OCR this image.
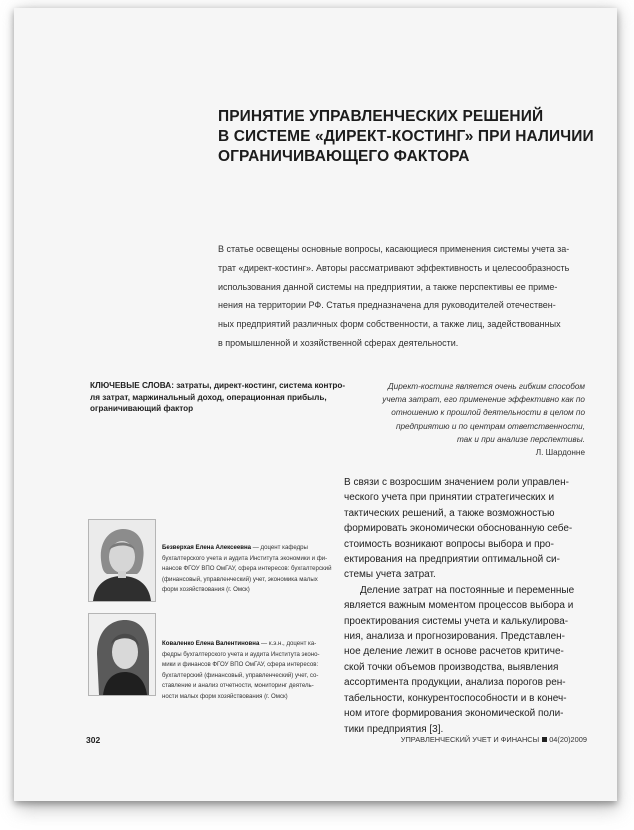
ПРИНЯТИЕ УПРАВЛЕНЧЕСКИХ РЕШЕНИЙ
В СИСТЕМЕ «ДИРЕКТ-КОСТИНГ» ПРИ НАЛИЧИИ
ОГРАНИЧИВАЮЩЕГО ФАКТОРА

В статье освещены основные вопросы, касающиеся применения системы учета за-
трат «директ-костинг». Авторы рассматривают эффективность и целесообразность
использования данной системы на предприятии, а также перспективы ее приме-
нения на территории РФ. Статья предназначена для руководителей отечествен-
ных предприятий различных форм собственности, а также лиц, задействованных
в промышленной и хозяйственной сферах деятельности.

КЛЮЧЕВЫЕ СЛОВА: затраты, директ-костинг, система контро-
ля затрат, маржинальный доход, операционная прибыль,
ограничивающий фактор

Директ-костинг является очень гибким способом
учета затрат, его применение эффективно как по
отношению к прошлой деятельности в целом по
предприятию и по центрам ответственности,
так и при анализе перспективы.
Л. Шардонне

В связи с возросшим значением роли управлен-
ческого учета при принятии стратегических и
тактических решений, а также возможностью
формировать экономически обоснованную себе-
стоимость возникают вопросы выбора и про-
ектирования на предприятии оптимальной си-
стемы учета затрат.
Деление затрат на постоянные и переменные
является важным моментом процессов выбора и
проектирования системы учета и калькулирова-
ния, анализа и прогнозирования. Представлен-
ное деление лежит в основе расчетов критиче-
ской точки объемов производства, выявления
ассортимента продукции, анализа порогов рен-
табельности, конкурентоспособности и в конеч-
ном итоге формирования экономической поли-
тики предприятия [3].

Безверхая Елена Алексеевна — доцент кафедры
бухгалтерского учета и аудита Института экономики и фи-
нансов ФГОУ ВПО ОмГАУ, сфера интересов: бухгалтерский
(финансовый, управленческий) учет, экономика малых
форм хозяйствования (г. Омск)

Коваленко Елена Валентиновна — к.э.н., доцент ка-
федры бухгалтерского учета и аудита Института эконо-
мики и финансов ФГОУ ВПО ОмГАУ, сфера интересов:
бухгалтерский (финансовый, управленческий) учет, со-
ставление и анализ отчетности, мониторинг деятель-
ности малых форм хозяйствования (г. Омск)

302	УПРАВЛЕНЧЕСКИЙ УЧЕТ И ФИНАНСЫ 04(20)2009
